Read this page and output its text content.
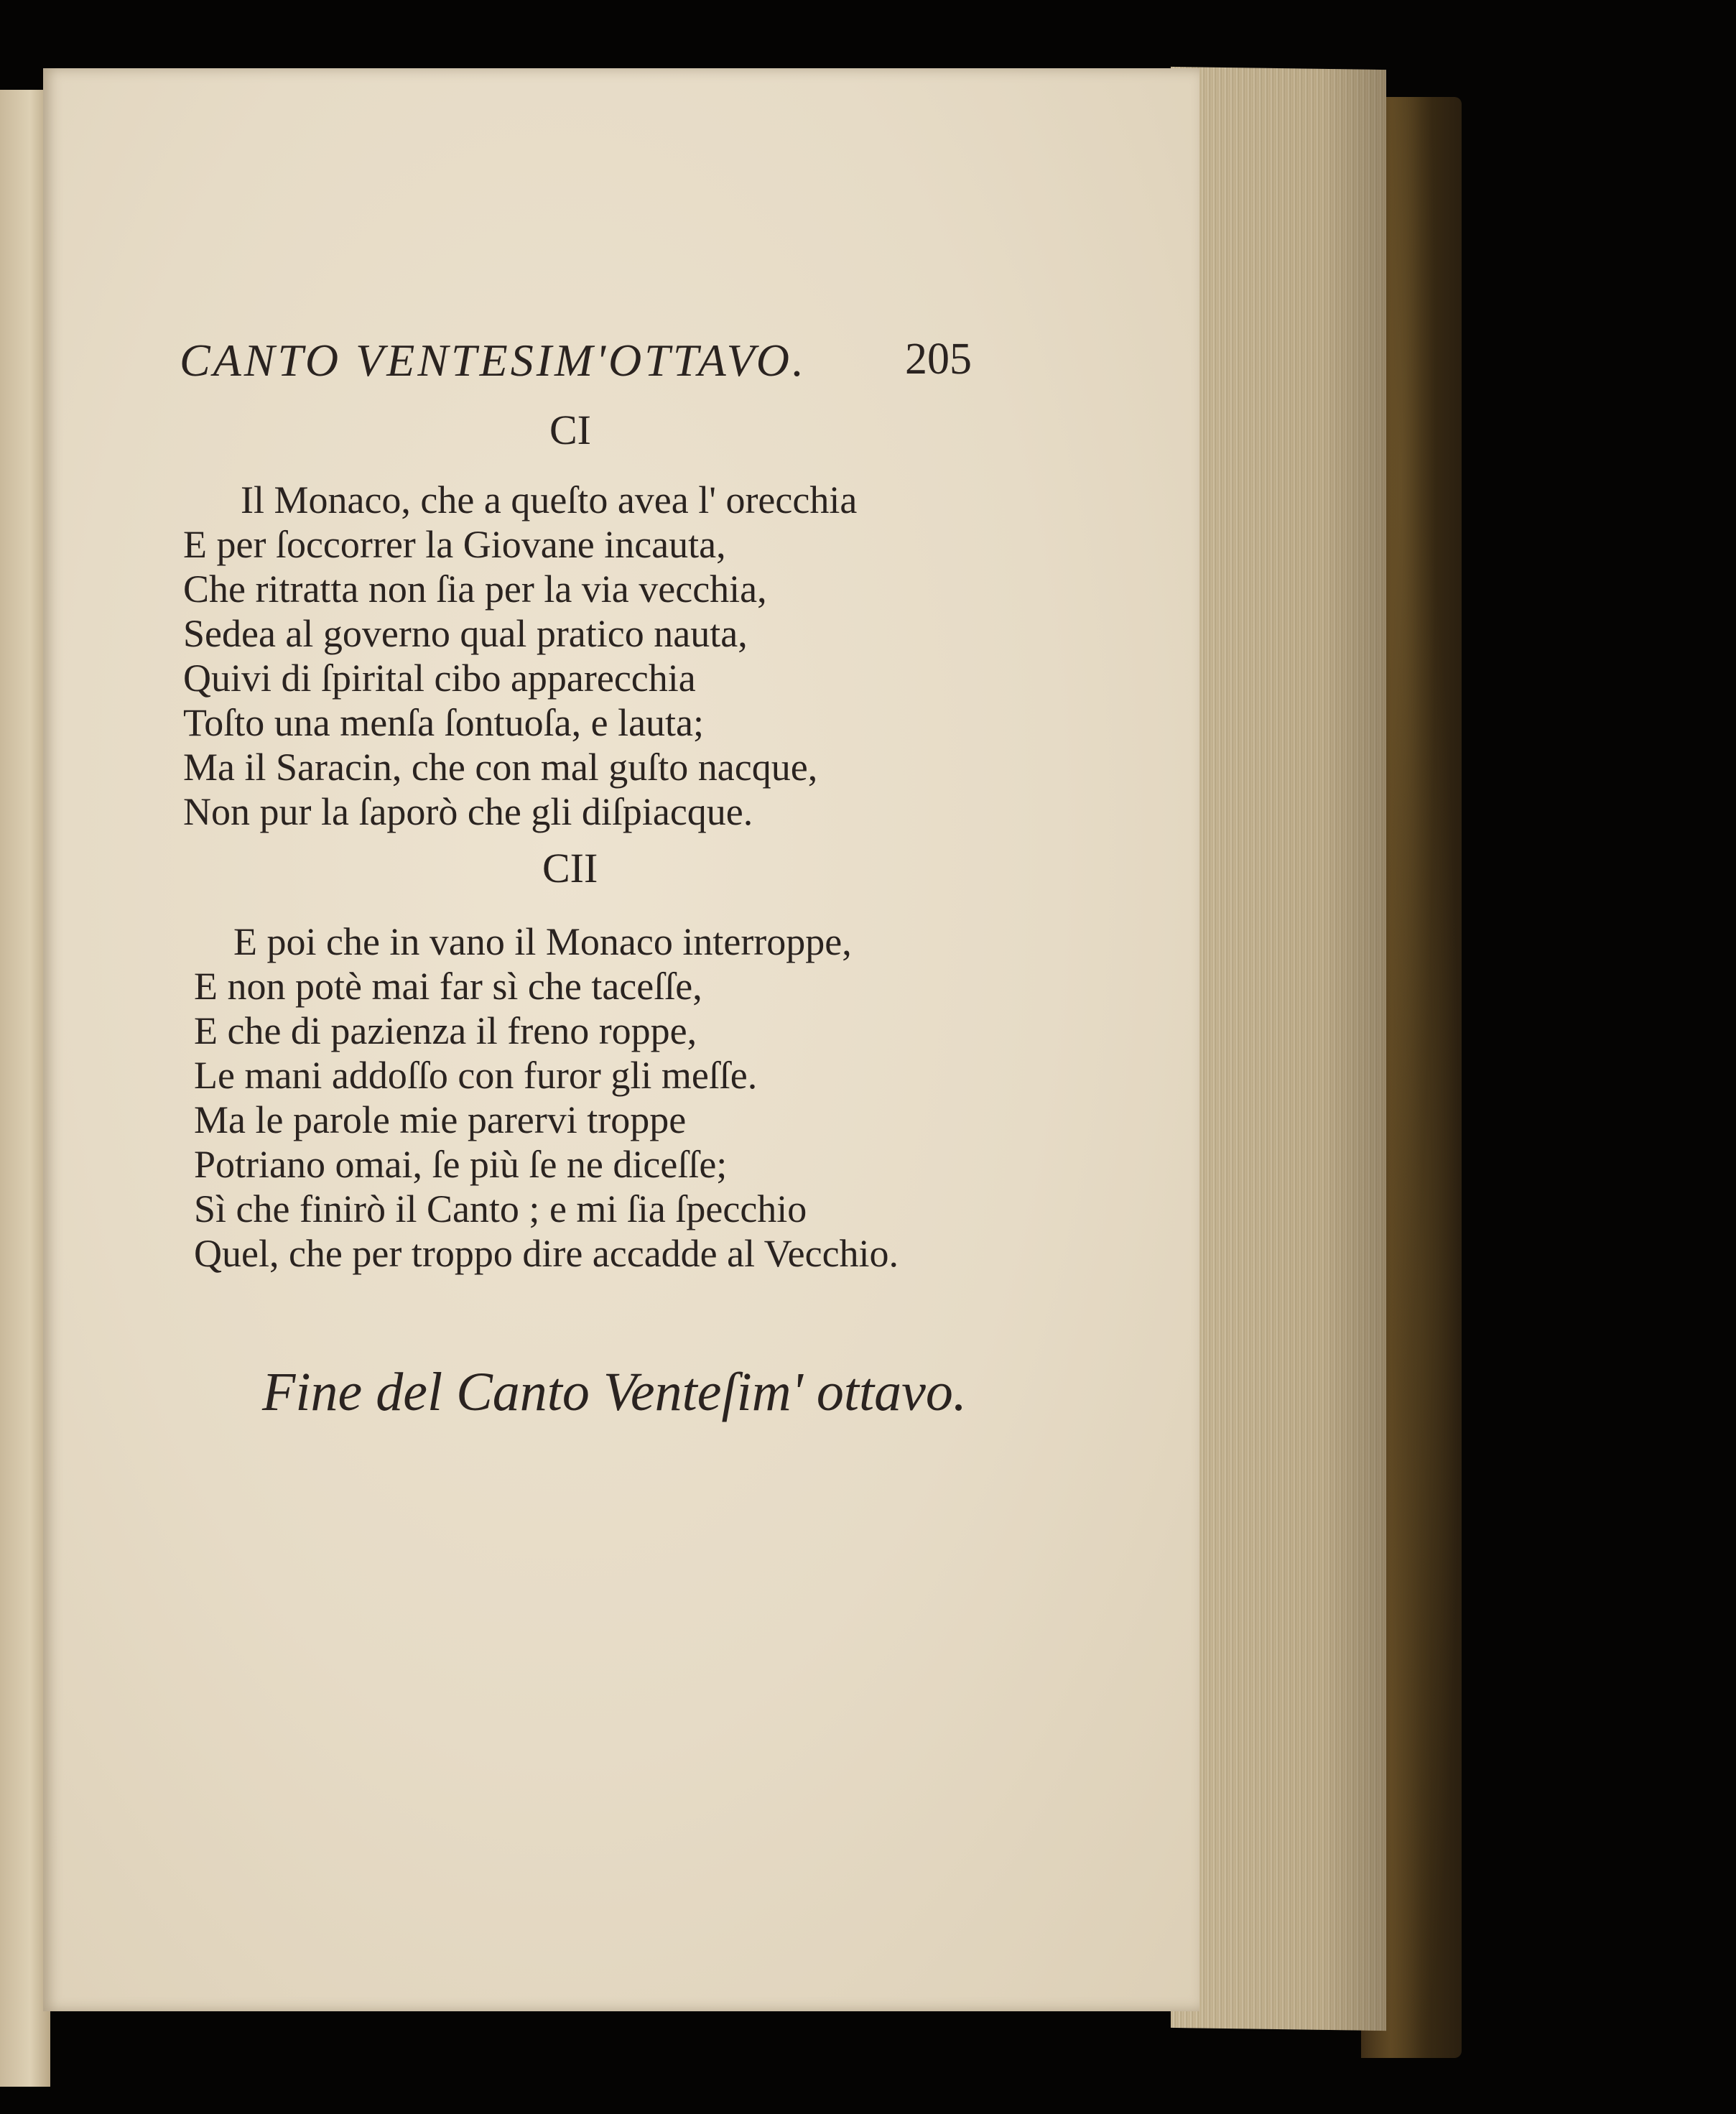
CANTO VENTESIM'OTTAVO. 205
CI
Il Monaco, che a queſto avea l' orecchia
E per ſoccorrer la Giovane incauta,
Che ritratta non ſia per la via vecchia,
Sedea al governo qual pratico nauta,
Quivi di ſpirital cibo apparecchia
Toſto una menſa ſontuoſa, e lauta;
Ma il Saracin, che con mal guſto nacque,
Non pur la ſaporò che gli diſpiacque.
CII
E poi che in vano il Monaco interroppe,
E non potè mai far sì che taceſſe,
E che di pazienza il freno roppe,
Le mani addoſſo con furor gli meſſe.
Ma le parole mie parervi troppe
Potriano omai, ſe più ſe ne diceſſe;
Sì che finirò il Canto ; e mi ſia ſpecchio
Quel, che per troppo dire accadde al Vecchio.
Fine del Canto Venteſim' ottavo.
